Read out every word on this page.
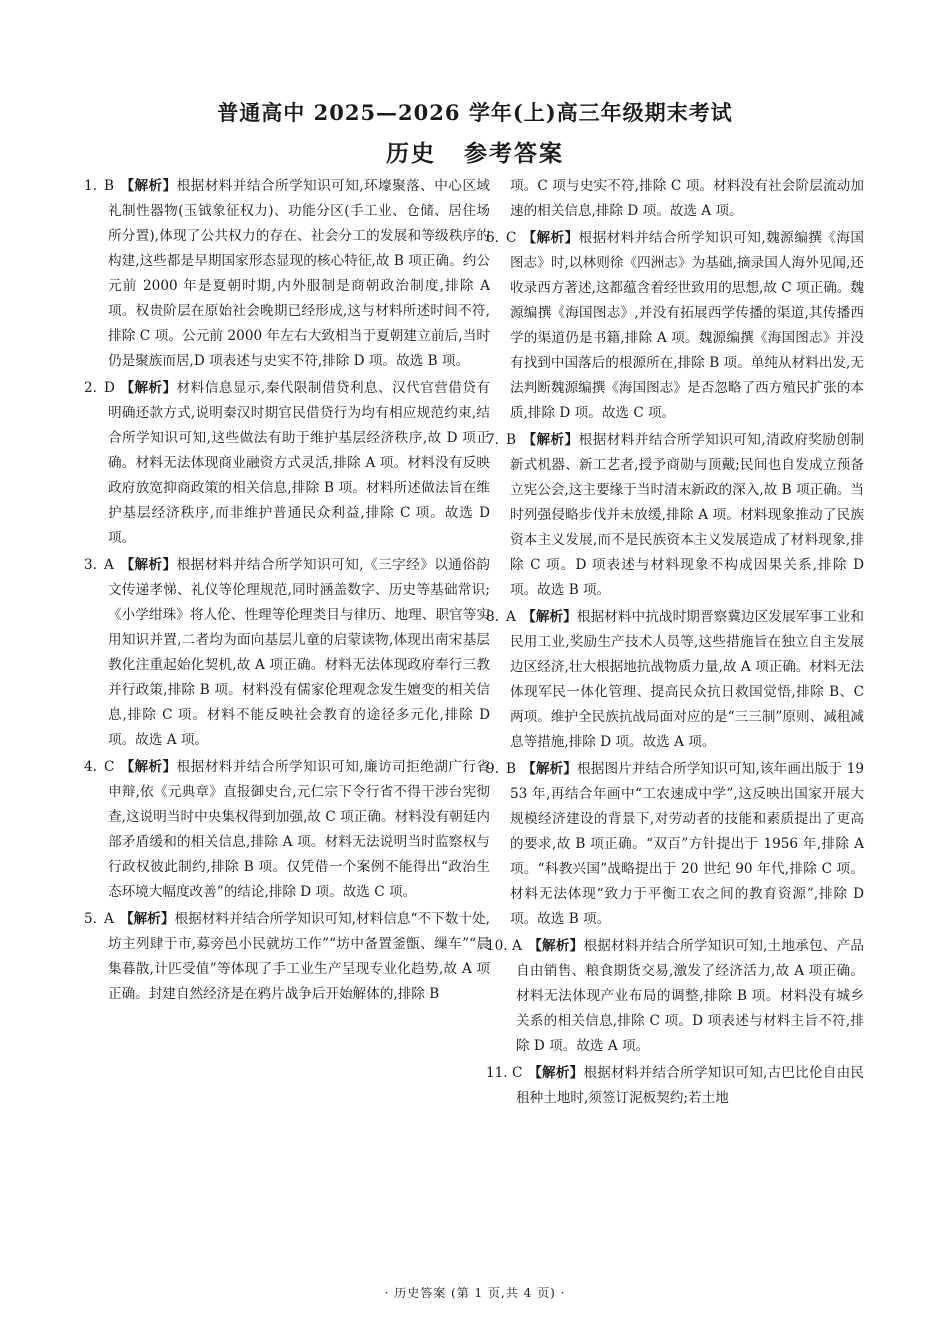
普通高中 2025—2026 学年(上)高三年级期末考试
历史 参考答案

1. B 【解析】根据材料并结合所学知识可知,环壕聚落、中心区域礼制性器物(玉钺象征权力)、功能分区(手工业、仓储、居住场所分置),体现了公共权力的存在、社会分工的发展和等级秩序的构建,这些都是早期国家形态显现的核心特征,故 B 项正确。约公元前 2000 年是夏朝时期,内外服制是商朝政治制度,排除 A 项。权贵阶层在原始社会晚期已经形成,这与材料所述时间不符,排除 C 项。公元前 2000 年左右大致相当于夏朝建立前后,当时仍是聚族而居,D 项表述与史实不符,排除 D 项。故选 B 项。

2. D 【解析】材料信息显示,秦代限制借贷利息、汉代官营借贷有明确还款方式,说明秦汉时期官民借贷行为均有相应规范约束,结合所学知识可知,这些做法有助于维护基层经济秩序,故 D 项正确。材料无法体现商业融资方式灵活,排除 A 项。材料没有反映政府放宽抑商政策的相关信息,排除 B 项。材料所述做法旨在维护基层经济秩序,而非维护普通民众利益,排除 C 项。故选 D 项。

3. A 【解析】根据材料并结合所学知识可知,《三字经》以通俗韵文传递孝悌、礼仪等伦理规范,同时涵盖数字、历史等基础常识;《小学绀珠》将人伦、性理等伦理类目与律历、地理、职官等实用知识并置,二者均为面向基层儿童的启蒙读物,体现出南宋基层教化注重起始化契机,故 A 项正确。材料无法体现政府奉行三教并行政策,排除 B 项。材料没有儒家伦理观念发生嬗变的相关信息,排除 C 项。材料不能反映社会教育的途径多元化,排除 D 项。故选 A 项。

4. C 【解析】根据材料并结合所学知识可知,廉访司拒绝湖广行省申辩,依《元典章》直报御史台,元仁宗下令行省不得干涉台宪彻查,这说明当时中央集权得到加强,故 C 项正确。材料没有朝廷内部矛盾缓和的相关信息,排除 A 项。材料无法说明当时监察权与行政权彼此制约,排除 B 项。仅凭借一个案例不能得出“政治生态环境大幅度改善”的结论,排除 D 项。故选 C 项。

5. A 【解析】根据材料并结合所学知识可知,材料信息“不下数十处,坊主列肆于市,募旁邑小民就坊工作”“坊中备置釜甑、缫车”“晨集暮散,计匹受值”等体现了手工业生产呈现专业化趋势,故 A 项正确。封建自然经济是在鸦片战争后开始解体的,排除 B

项。C 项与史实不符,排除 C 项。材料没有社会阶层流动加速的相关信息,排除 D 项。故选 A 项。

6. C 【解析】根据材料并结合所学知识可知,魏源编撰《海国图志》时,以林则徐《四洲志》为基础,摘录国人海外见闻,还收录西方著述,这都蕴含着经世致用的思想,故 C 项正确。魏源编撰《海国图志》,并没有拓展西学传播的渠道,其传播西学的渠道仍是书籍,排除 A 项。魏源编撰《海国图志》并没有找到中国落后的根源所在,排除 B 项。单纯从材料出发,无法判断魏源编撰《海国图志》是否忽略了西方殖民扩张的本质,排除 D 项。故选 C 项。

7. B 【解析】根据材料并结合所学知识可知,清政府奖励创制新式机器、新工艺者,授予商勋与顶戴;民间也自发成立预备立宪公会,这主要缘于当时清末新政的深入,故 B 项正确。当时列强侵略步伐并未放缓,排除 A 项。材料现象推动了民族资本主义发展,而不是民族资本主义发展造成了材料现象,排除 C 项。D 项表述与材料现象不构成因果关系,排除 D 项。故选 B 项。

8. A 【解析】根据材料中抗战时期晋察冀边区发展军事工业和民用工业,奖励生产技术人员等,这些措施旨在独立自主发展边区经济,壮大根据地抗战物质力量,故 A 项正确。材料无法体现军民一体化管理、提高民众抗日救国觉悟,排除 B、C 两项。维护全民族抗战局面对应的是“三三制”原则、减租减息等措施,排除 D 项。故选 A 项。

9. B 【解析】根据图片并结合所学知识可知,该年画出版于 1953 年,再结合年画中“工农速成中学”,这反映出国家开展大规模经济建设的背景下,对劳动者的技能和素质提出了更高的要求,故 B 项正确。“双百”方针提出于 1956 年,排除 A 项。“科教兴国”战略提出于 20 世纪 90 年代,排除 C 项。材料无法体现“致力于平衡工农之间的教育资源”,排除 D 项。故选 B 项。

10. A 【解析】根据材料并结合所学知识可知,土地承包、产品自由销售、粮食期货交易,激发了经济活力,故 A 项正确。材料无法体现产业布局的调整,排除 B 项。材料没有城乡关系的相关信息,排除 C 项。D 项表述与材料主旨不符,排除 D 项。故选 A 项。

11. C 【解析】根据材料并结合所学知识可知,古巴比伦自由民租种土地时,须签订泥板契约;若土地

· 历史答案 (第 1 页,共 4 页) ·
